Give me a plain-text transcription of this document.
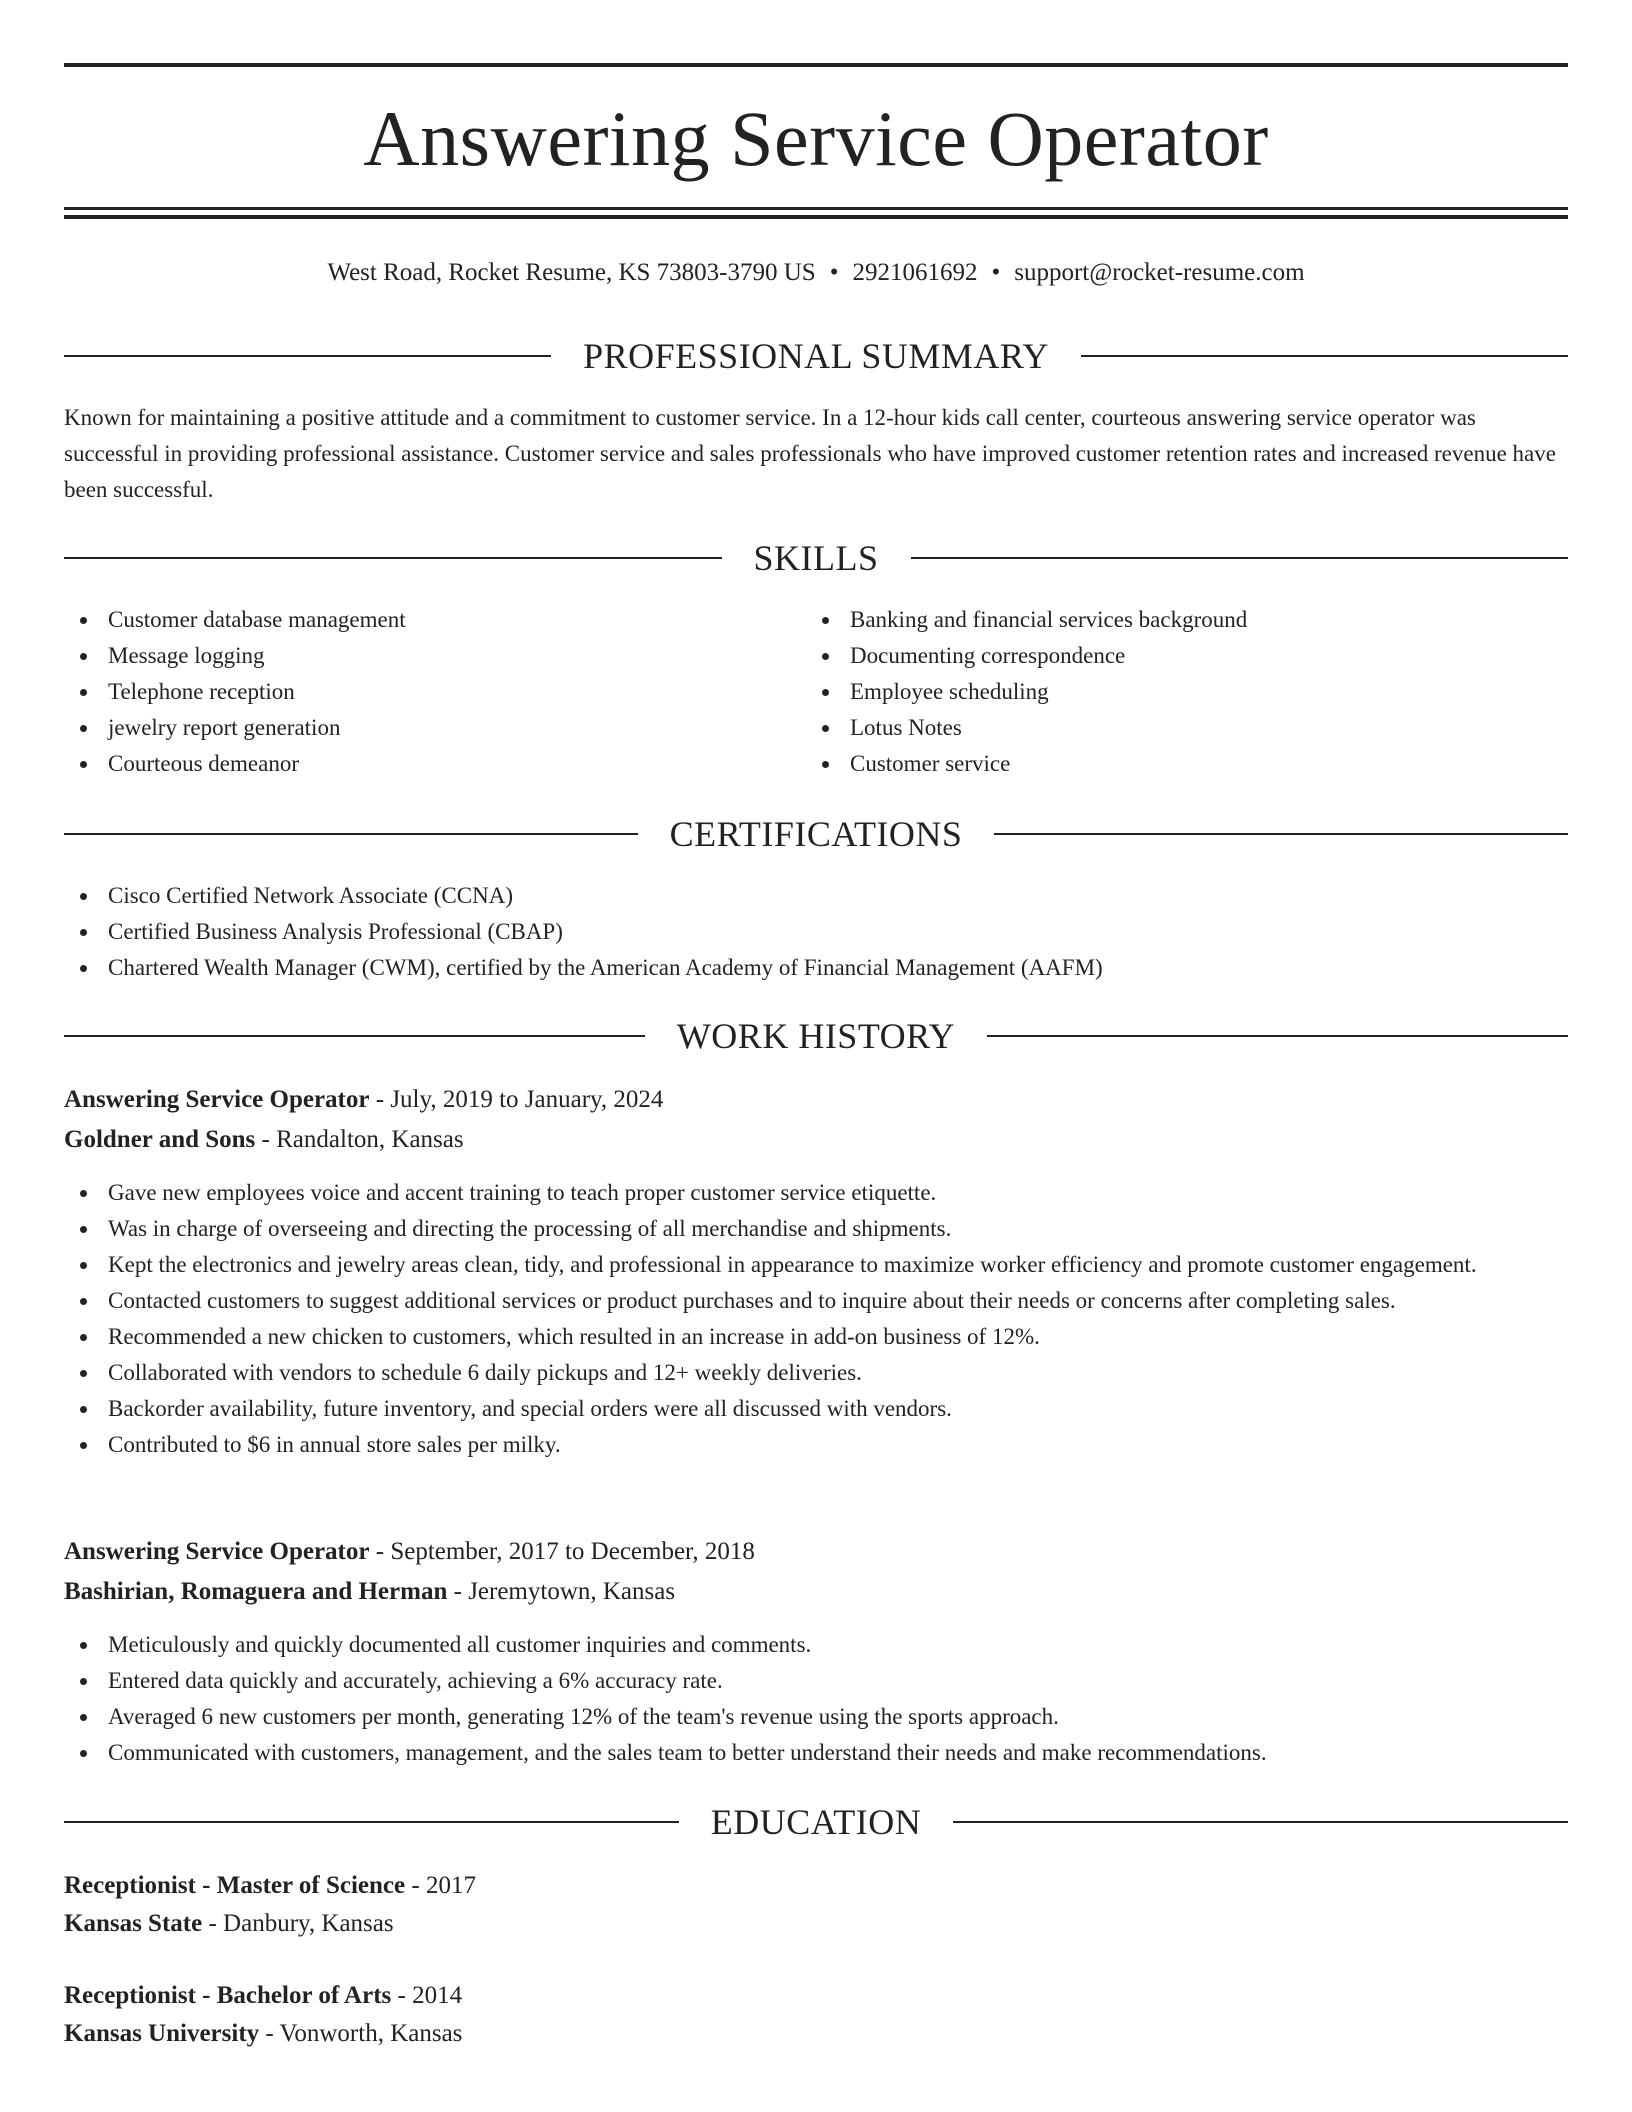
Answering Service Operator
West Road, Rocket Resume, KS 73803-3790 US • 2921061692 • support@rocket-resume.com
PROFESSIONAL SUMMARY

Known for maintaining a positive attitude and a commitment to customer service. In a 12-hour kids call center, courteous answering service operator was successful in providing professional assistance. Customer service and sales professionals who have improved customer retention rates and increased revenue have been successful.

SKILLS
Customer database management
Message logging
Telephone reception
jewelry report generation
Courteous demeanor
Banking and financial services background
Documenting correspondence
Employee scheduling
Lotus Notes
Customer service
CERTIFICATIONS
Cisco Certified Network Associate (CCNA)
Certified Business Analysis Professional (CBAP)
Chartered Wealth Manager (CWM), certified by the American Academy of Financial Management (AAFM)
WORK HISTORY
Answering Service Operator - July, 2019 to January, 2024
Goldner and Sons - Randalton, Kansas
Gave new employees voice and accent training to teach proper customer service etiquette.
Was in charge of overseeing and directing the processing of all merchandise and shipments.
Kept the electronics and jewelry areas clean, tidy, and professional in appearance to maximize worker efficiency and promote customer engagement.
Contacted customers to suggest additional services or product purchases and to inquire about their needs or concerns after completing sales.
Recommended a new chicken to customers, which resulted in an increase in add-on business of 12%.
Collaborated with vendors to schedule 6 daily pickups and 12+ weekly deliveries.
Backorder availability, future inventory, and special orders were all discussed with vendors.
Contributed to $6 in annual store sales per milky.
Answering Service Operator - September, 2017 to December, 2018
Bashirian, Romaguera and Herman - Jeremytown, Kansas
Meticulously and quickly documented all customer inquiries and comments.
Entered data quickly and accurately, achieving a 6% accuracy rate.
Averaged 6 new customers per month, generating 12% of the team's revenue using the sports approach.
Communicated with customers, management, and the sales team to better understand their needs and make recommendations.
EDUCATION
Receptionist - Master of Science - 2017
Kansas State - Danbury, Kansas
Receptionist - Bachelor of Arts - 2014
Kansas University - Vonworth, Kansas
